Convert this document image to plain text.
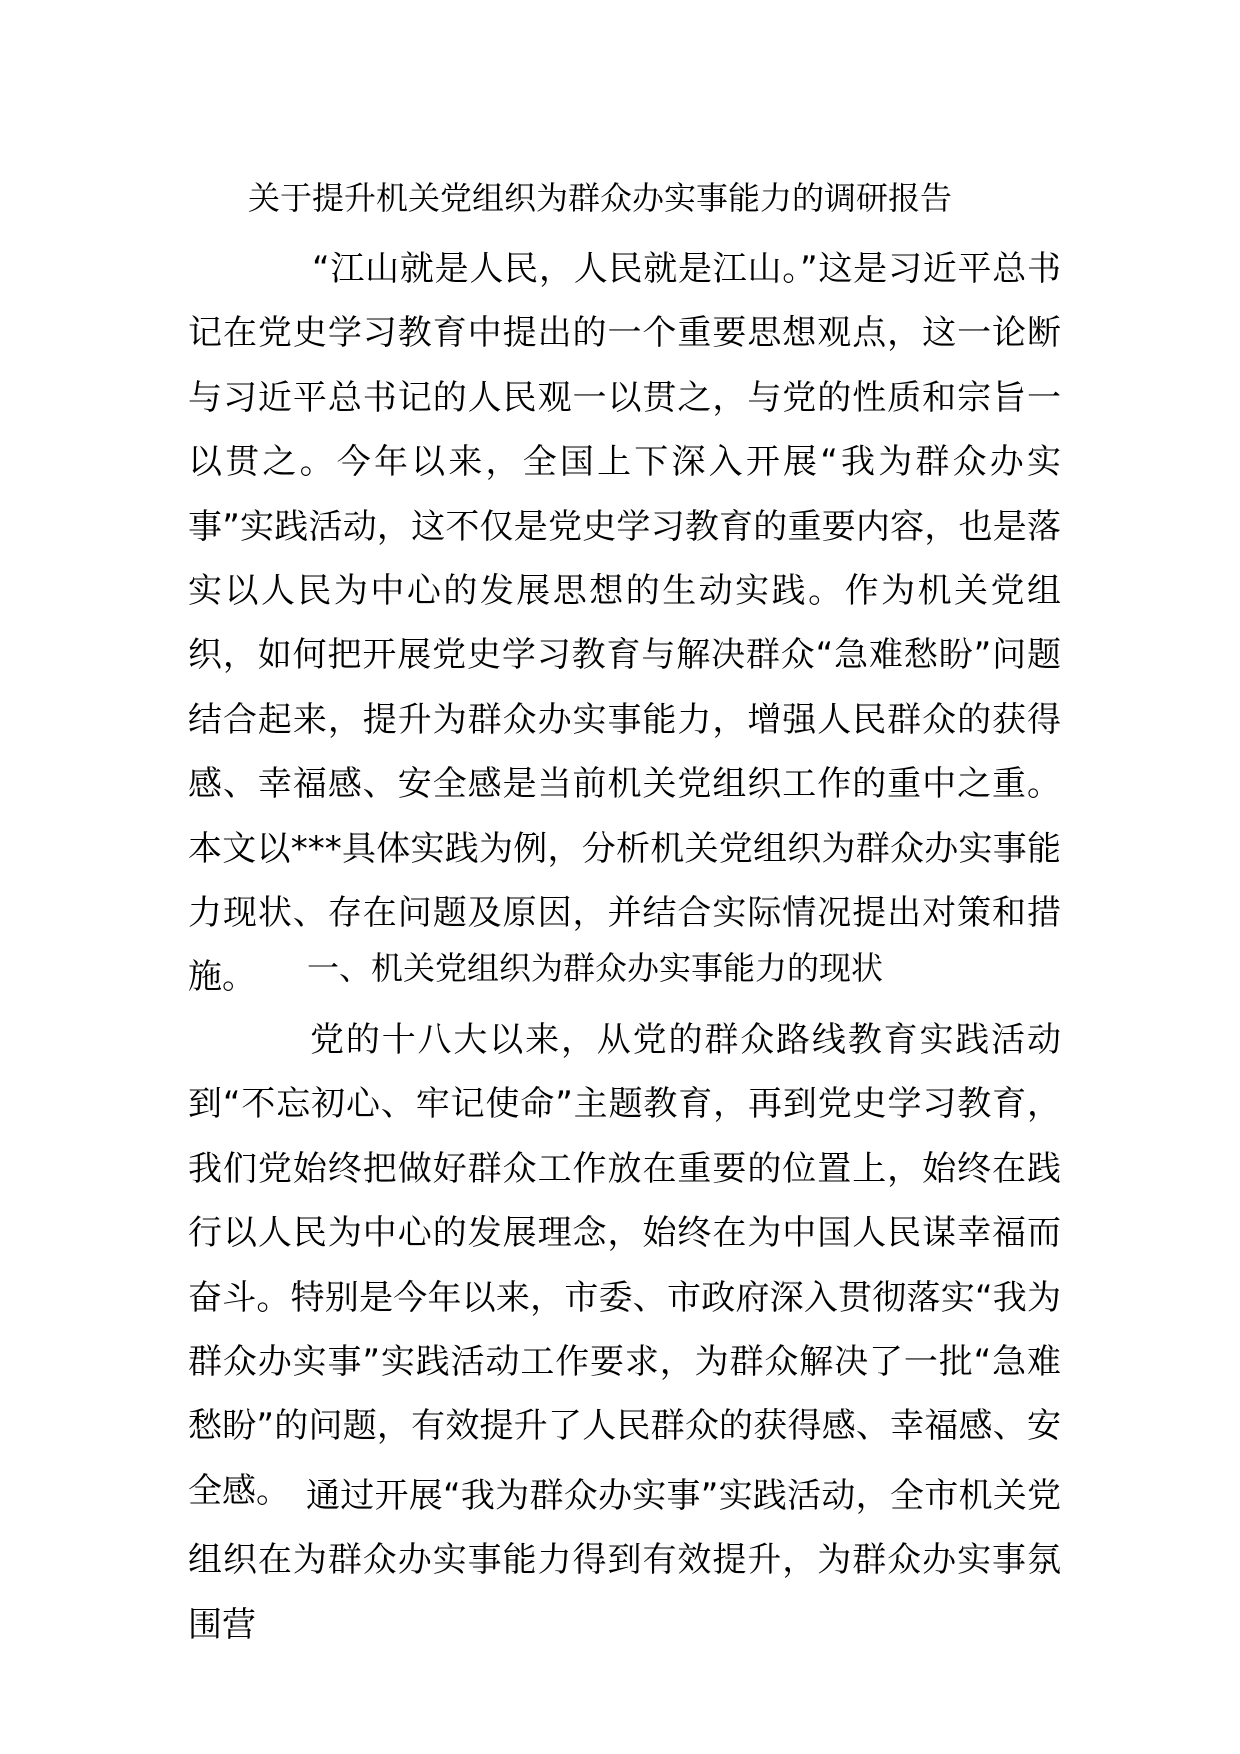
关于提升机关党组织为群众办实事能力的调研报告

“江山就是人民，人民就是江山。”这是习近平总书记在党史学习教育中提出的一个重要思想观点，这一论断与习近平总书记的人民观一以贯之，与党的性质和宗旨一以贯之。今年以来，全国上下深入开展“我为群众办实事”实践活动，这不仅是党史学习教育的重要内容，也是落实以人民为中心的发展思想的生动实践。作为机关党组织，如何把开展党史学习教育与解决群众“急难愁盼”问题结合起来，提升为群众办实事能力，增强人民群众的获得感、幸福感、安全感是当前机关党组织工作的重中之重。本文以***具体实践为例，分析机关党组织为群众办实事能力现状、存在问题及原因，并结合实际情况提出对策和措施。	一、机关党组织为群众办实事能力的现状

党的十八大以来，从党的群众路线教育实践活动到“不忘初心、牢记使命”主题教育，再到党史学习教育，我们党始终把做好群众工作放在重要的位置上，始终在践行以人民为中心的发展理念，始终在为中国人民谋幸福而奋斗。特别是今年以来，市委、市政府深入贯彻落实“我为群众办实事”实践活动工作要求，为群众解决了一批“急难愁盼”的问题，有效提升了人民群众的获得感、幸福感、安全感。 通过开展“我为群众办实事”实践活动，全市机关党组织在为群众办实事能力得到有效提升，为群众办实事氛围营
